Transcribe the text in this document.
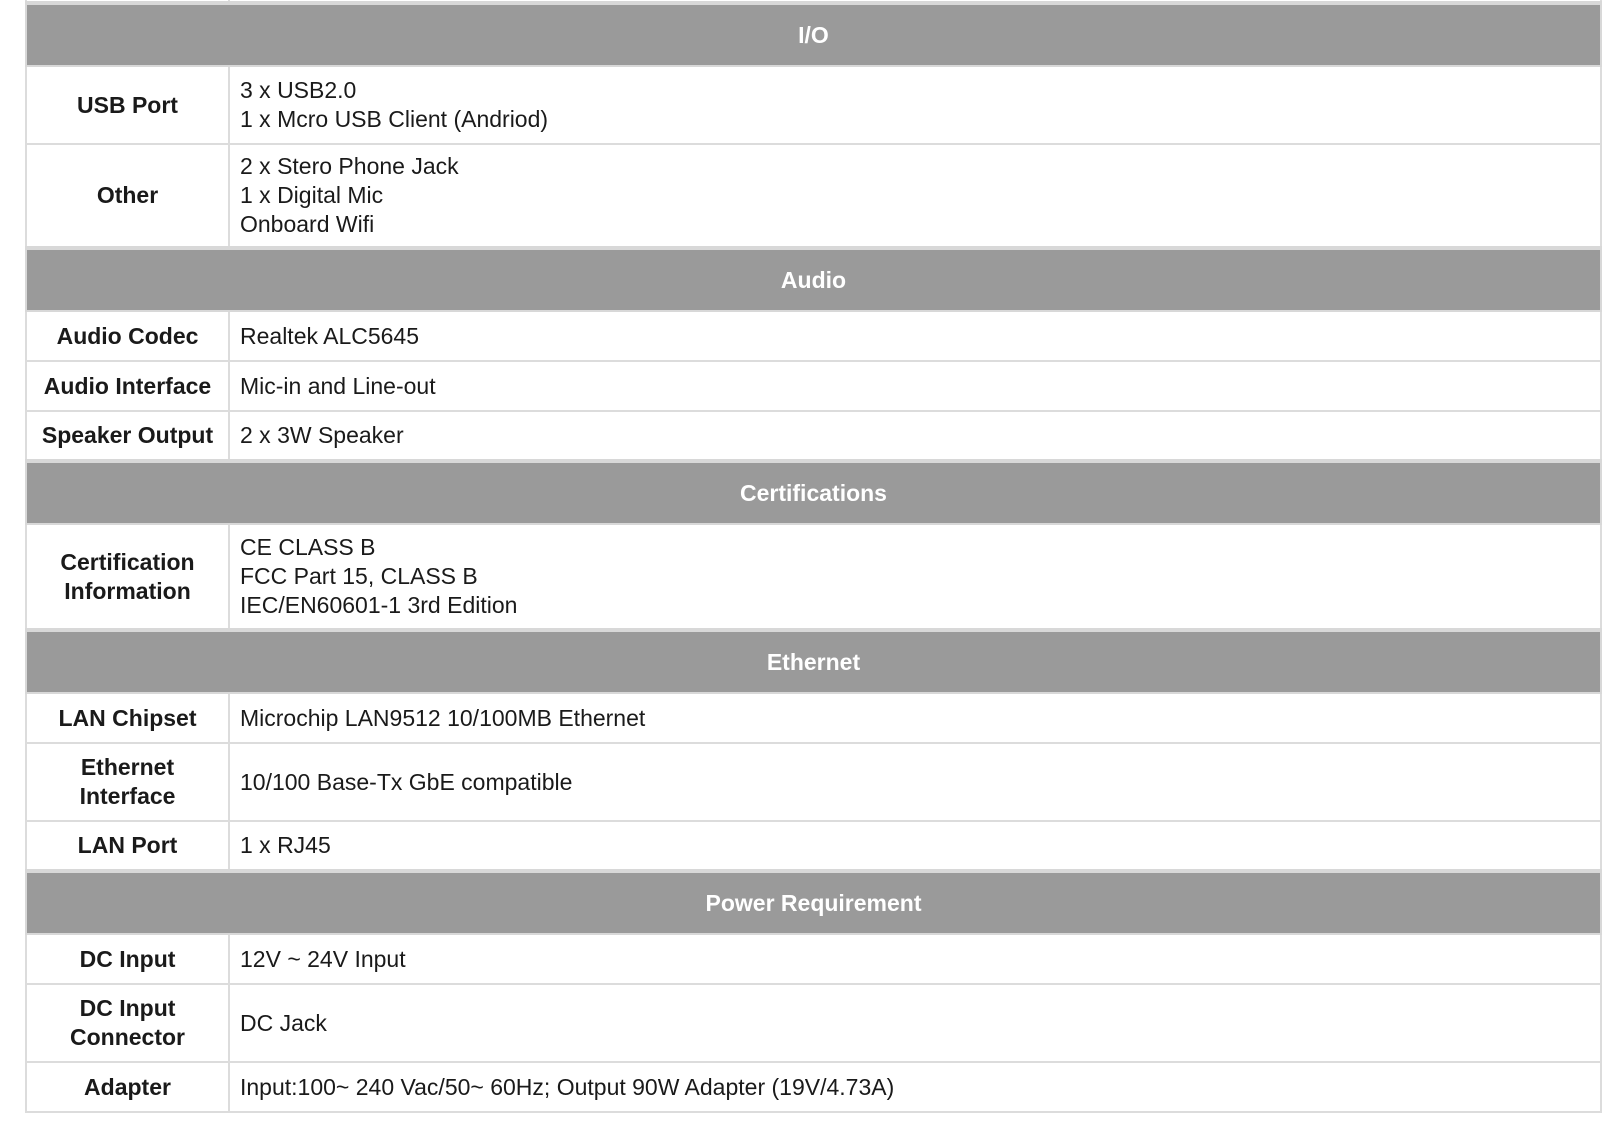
I/O	

USB Port	3 x USB2.0
1 x Mcro USB Client (Andriod)

Other	2 x Stero Phone Jack
1 x Digital Mic
Onboard Wifi

Audio	

Audio Codec	Realtek ALC5645

Audio Interface	Mic-in and Line-out

Speaker Output	2 x 3W Speaker

Certifications	

Certification
Information	CE CLASS B
FCC Part 15, CLASS B
IEC/EN60601-1 3rd Edition

Ethernet	

LAN Chipset	Microchip LAN9512 10/100MB Ethernet

Ethernet
Interface	10/100 Base-Tx GbE compatible

LAN Port	1 x RJ45

Power Requirement	

DC Input	12V ~ 24V Input

DC Input
Connector	DC Jack

Adapter	Input:100~ 240 Vac/50~ 60Hz; Output 90W Adapter (19V/4.73A)
